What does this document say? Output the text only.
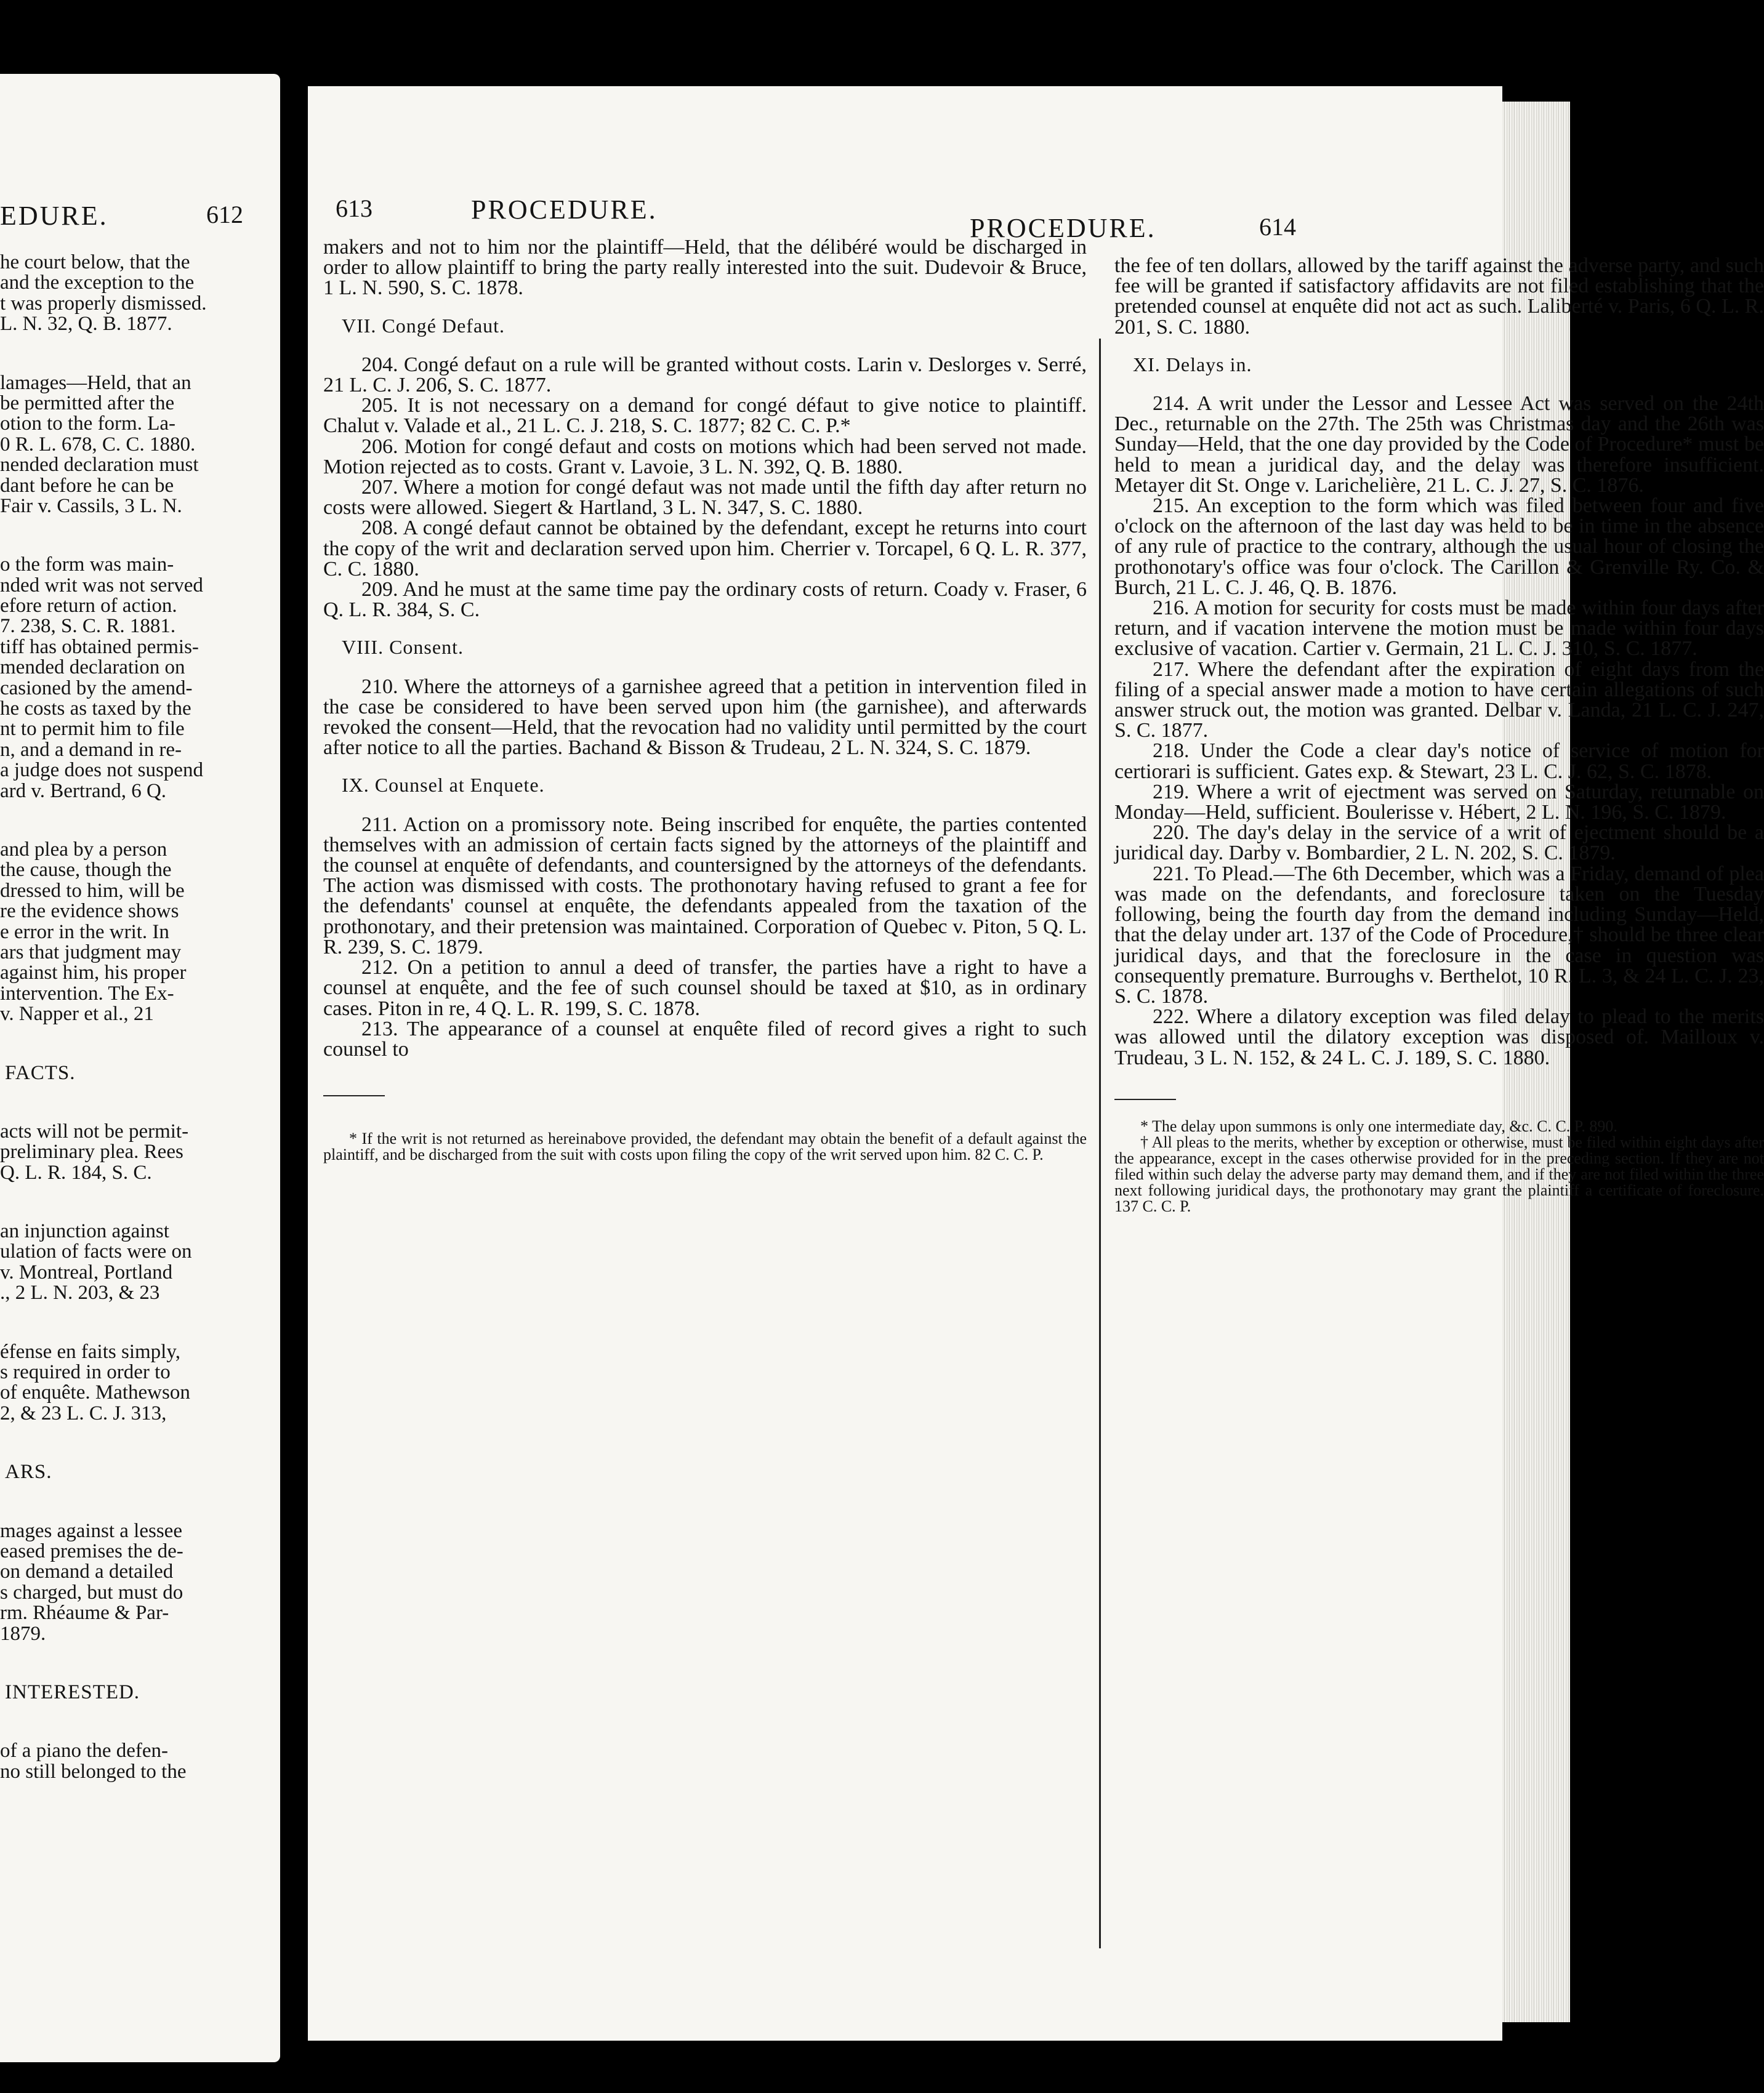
EDURE.	612
he court below, that the
and the exception to the
t was properly dismissed.
L. N. 32, Q. B. 1877.
lamages—Held, that an
be permitted after the
otion to the form. La-
0 R. L. 678, C. C. 1880.
nended declaration must
dant before he can be
Fair v. Cassils, 3 L. N.
o the form was main-
nded writ was not served
efore return of action.
7. 238, S. C. R. 1881.
tiff has obtained permis-
mended declaration on
casioned by the amend-
he costs as taxed by the
nt to permit him to file
n, and a demand in re-
a judge does not suspend
ard v. Bertrand, 6 Q.
and plea by a person
the cause, though the
dressed to him, will be
re the evidence shows
e error in the writ. In
ars that judgment may
against him, his proper
intervention. The Ex-
v. Napper et al., 21
FACTS.
acts will not be permit-
preliminary plea. Rees
Q. L. R. 184, S. C.
an injunction against
ulation of facts were on
v. Montreal, Portland
., 2 L. N. 203, & 23
éfense en faits simply,
s required in order to
of enquête. Mathewson
2, & 23 L. C. J. 313,
ARS.
mages against a lessee
eased premises the de-
on demand a detailed
s charged, but must do
rm. Rhéaume & Par-
1879.
INTERESTED.
of a piano the defen-
no still belonged to the
613	PROCEDURE.
PROCEDURE.	614

makers and not to him nor the plaintiff—Held, that the délibéré would be discharged in order to allow plaintiff to bring the party really interested into the suit. Dudevoir & Bruce, 1 L. N. 590, S. C. 1878.

VII. Congé Defaut.

204. Congé defaut on a rule will be granted without costs. Larin v. Deslorges v. Serré, 21 L. C. J. 206, S. C. 1877.

205. It is not necessary on a demand for congé défaut to give notice to plaintiff. Chalut v. Valade et al., 21 L. C. J. 218, S. C. 1877; 82 C. C. P.*

206. Motion for congé defaut and costs on motions which had been served not made. Motion rejected as to costs. Grant v. Lavoie, 3 L. N. 392, Q. B. 1880.

207. Where a motion for congé defaut was not made until the fifth day after return no costs were allowed. Siegert & Hartland, 3 L. N. 347, S. C. 1880.

208. A congé defaut cannot be obtained by the defendant, except he returns into court the copy of the writ and declaration served upon him. Cherrier v. Torcapel, 6 Q. L. R. 377, C. C. 1880.

209. And he must at the same time pay the ordinary costs of return. Coady v. Fraser, 6 Q. L. R. 384, S. C.

VIII. Consent.

210. Where the attorneys of a garnishee agreed that a petition in intervention filed in the case be considered to have been served upon him (the garnishee), and afterwards revoked the consent—Held, that the revocation had no validity until permitted by the court after notice to all the parties. Bachand & Bisson & Trudeau, 2 L. N. 324, S. C. 1879.

IX. Counsel at Enquete.

211. Action on a promissory note. Being inscribed for enquête, the parties contented themselves with an admission of certain facts signed by the attorneys of the plaintiff and the counsel at enquête of defendants, and countersigned by the attorneys of the defendants. The action was dismissed with costs. The prothonotary having refused to grant a fee for the defendants' counsel at enquête, the defendants appealed from the taxation of the prothonotary, and their pretension was maintained. Corporation of Quebec v. Piton, 5 Q. L. R. 239, S. C. 1879.

212. On a petition to annul a deed of transfer, the parties have a right to have a counsel at enquête, and the fee of such counsel should be taxed at $10, as in ordinary cases. Piton in re, 4 Q. L. R. 199, S. C. 1878.

213. The appearance of a counsel at enquête filed of record gives a right to such counsel to

* If the writ is not returned as hereinabove provided, the defendant may obtain the benefit of a default against the plaintiff, and be discharged from the suit with costs upon filing the copy of the writ served upon him. 82 C. C. P.

the fee of ten dollars, allowed by the tariff against the adverse party, and such fee will be granted if satisfactory affidavits are not filed establishing that the pretended counsel at enquête did not act as such. Laliberté v. Paris, 6 Q. L. R. 201, S. C. 1880.

XI. Delays in.

214. A writ under the Lessor and Lessee Act was served on the 24th Dec., returnable on the 27th. The 25th was Christmas day and the 26th was Sunday—Held, that the one day provided by the Code of Procedure* must be held to mean a juridical day, and the delay was therefore insufficient. Metayer dit St. Onge v. Larichelière, 21 L. C. J. 27, S. C. 1876.

215. An exception to the form which was filed between four and five o'clock on the afternoon of the last day was held to be in time in the absence of any rule of practice to the contrary, although the usual hour of closing the prothonotary's office was four o'clock. The Carillon & Grenville Ry. Co. & Burch, 21 L. C. J. 46, Q. B. 1876.

216. A motion for security for costs must be made within four days after return, and if vacation intervene the motion must be made within four days exclusive of vacation. Cartier v. Germain, 21 L. C. J. 310, S. C. 1877.

217. Where the defendant after the expiration of eight days from the filing of a special answer made a motion to have certain allegations of such answer struck out, the motion was granted. Delbar v. Landa, 21 L. C. J. 247, S. C. 1877.

218. Under the Code a clear day's notice of service of motion for certiorari is sufficient. Gates exp. & Stewart, 23 L. C. J. 62, S. C. 1878.

219. Where a writ of ejectment was served on Saturday, returnable on Monday—Held, sufficient. Boulerisse v. Hébert, 2 L. N. 196, S. C. 1879.

220. The day's delay in the service of a writ of ejectment should be a juridical day. Darby v. Bombardier, 2 L. N. 202, S. C. 1879.

221. To Plead.—The 6th December, which was a Friday, demand of plea was made on the defendants, and foreclosure taken on the Tuesday following, being the fourth day from the demand including Sunday—Held, that the delay under art. 137 of the Code of Procedure,† should be three clear juridical days, and that the foreclosure in the case in question was consequently premature. Burroughs v. Berthelot, 10 R. L. 3, & 24 L. C. J. 23, S. C. 1878.

222. Where a dilatory exception was filed delay to plead to the merits was allowed until the dilatory exception was disposed of. Mailloux v. Trudeau, 3 L. N. 152, & 24 L. C. J. 189, S. C. 1880.

* The delay upon summons is only one intermediate day, &c. C. C. P. 890.

† All pleas to the merits, whether by exception or otherwise, must be filed within eight days after the appearance, except in the cases otherwise provided for in the preceding section. If they are not filed within such delay the adverse party may demand them, and if they are not filed within the three next following juridical days, the prothonotary may grant the plaintiff a certificate of foreclosure. 137 C. C. P.
